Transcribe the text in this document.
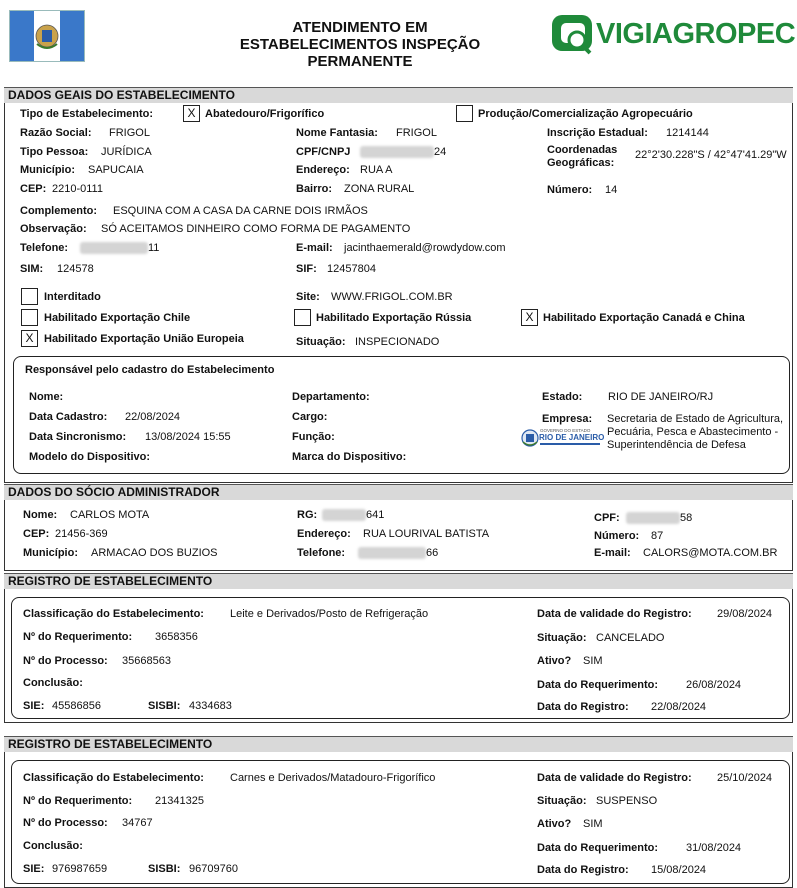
ATENDIMENTO EM
ESTABELECIMENTOS INSPEÇÃO
PERMANENTE
VIGIAGROPEC
DADOS GEAIS DO ESTABELECIMENTO
Tipo de Estabelecimento:	X Abatedouro/Frigorífico	Produção/Comercialização Agropecuário
Razão Social: FRIGOL	Nome Fantasia: FRIGOL	Inscrição Estadual: 1214144
Tipo Pessoa: JURÍDICA	CPF/CNPJ	24	Coordenadas
Geográficas:
22°2'30.228"S / 42°47'41.29"W
Município: SAPUCAIA	Endereço: RUA A
CEP: 2210-0111	Bairro: ZONA RURAL	Número: 14
Complemento: ESQUINA COM A CASA DA CARNE DOIS IRMÃOS
Observação: SÓ ACEITAMOS DINHEIRO COMO FORMA DE PAGAMENTO
Telefone:	11	E-mail: jacinthaemerald@rowdydow.com
SIM: 124578	SIF: 12457804
Interditado	Site: WWW.FRIGOL.COM.BR
Habilitado Exportação Chile	Habilitado Exportação Rússia	X Habilitado Exportação Canadá e China
X Habilitado Exportação União Europeia	Situação: INSPECIONADO
Responsável pelo cadastro do Estabelecimento
Nome:	Departamento:	Estado: RIO DE JANEIRO/RJ
Data Cadastro: 22/08/2024	Cargo:	Empresa: Secretaria de Estado de Agricultura,
Pecuária, Pesca e Abastecimento -
Superintendência de Defesa
GOVERNO DO ESTADO
RIO DE JANEIRO
Data Sincronismo: 13/08/2024 15:55	Função:
Modelo do Dispositivo:	Marca do Dispositivo:
DADOS DO SÓCIO ADMINISTRADOR
Nome: CARLOS MOTA	RG:	641	CPF:	58
CEP: 21456-369	Endereço: RUA LOURIVAL BATISTA	Número: 87
Município: ARMACAO DOS BUZIOS	Telefone:	66	E-mail: CALORS@MOTA.COM.BR
REGISTRO DE ESTABELECIMENTO
Classificação do Estabelecimento: Leite e Derivados/Posto de Refrigeração	Data de validade do Registro: 29/08/2024
Nº do Requerimento: 3658356	Situação: CANCELADO
Nº do Processo: 35668563	Ativo? SIM
Conclusão:	Data do Requerimento:	26/08/2024
SIE: 45586856	SISBI: 4334683	Data do Registro: 22/08/2024
REGISTRO DE ESTABELECIMENTO
Classificação do Estabelecimento: Carnes e Derivados/Matadouro-Frigorífico	Data de validade do Registro: 25/10/2024
Nº do Requerimento: 21341325	Situação: SUSPENSO
Nº do Processo: 34767	Ativo? SIM
Conclusão:	Data do Requerimento:	31/08/2024
SIE: 976987659	SISBI: 96709760	Data do Registro: 15/08/2024
